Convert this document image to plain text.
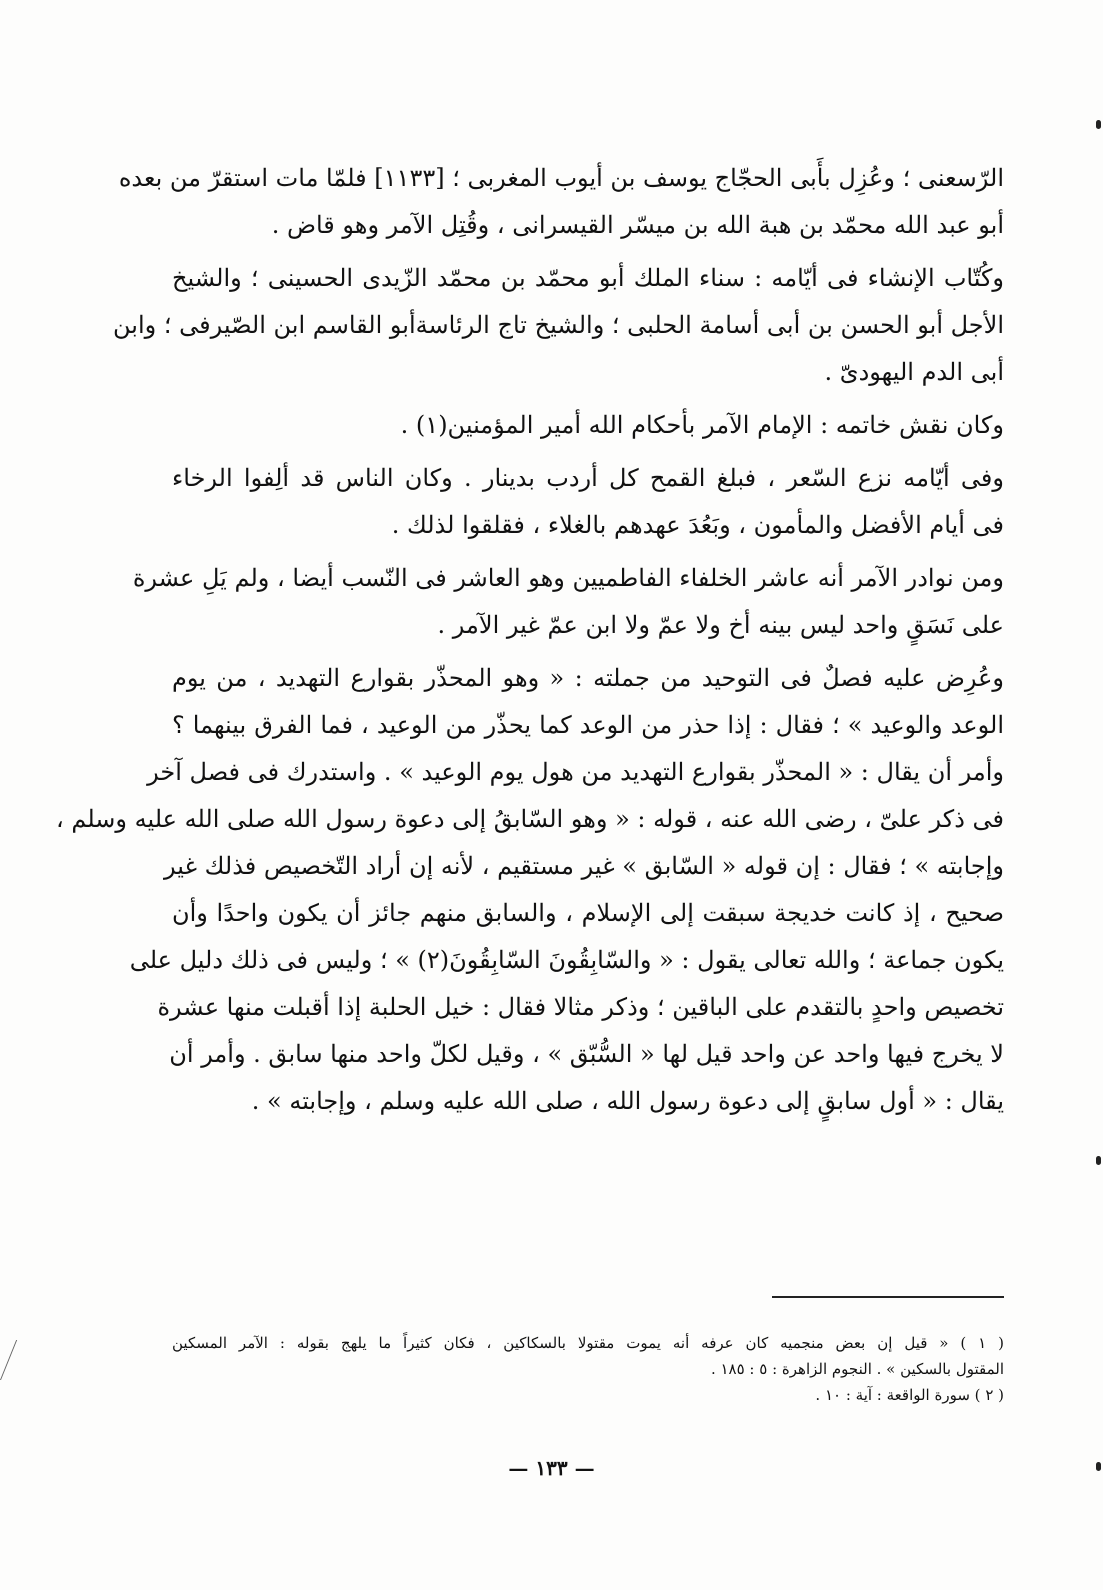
الرّسعنى ؛ وعُزِل بأَبى الحجّاج يوسف بن أيوب المغربى ؛ [١١٣٣] فلمّا مات استقرّ من بعده
أبو عبد الله محمّد بن هبة الله بن ميسّر القيسرانى ، وقُتِل الآمر وهو قاض .

وكُتّاب الإنشاء فى أيّامه : سناء الملك أبو محمّد بن محمّد الزّيدى الحسينى ؛ والشيخ
الأجل أبو الحسن بن أبى أسامة الحلبى ؛ والشيخ تاج الرئاسةأبو القاسم ابن الصّيرفى ؛ وابن
أبى الدم اليهودىّ .

وكان نقش خاتمه : الإمام الآمر بأحكام الله أمير المؤمنين(١) .

وفى أيّامه نزع السّعر ، فبلغ القمح كل أردب بدينار . وكان الناس قد ألِفوا الرخاء
فى أيام الأفضل والمأمون ، وبَعُدَ عهدهم بالغلاء ، فقلقوا لذلك .

ومن نوادر الآمر أنه عاشر الخلفاء الفاطميين وهو العاشر فى النّسب أيضا ، ولم يَلِ عشرة
على نَسَقٍ واحد ليس بينه أخ ولا عمّ ولا ابن عمّ غير الآمر .

وعُرِض عليه فصلٌ فى التوحيد من جملته : « وهو المحذّر بقوارع التهديد ، من يوم
الوعد والوعيد » ؛ فقال : إذا حذر من الوعد كما يحذّر من الوعيد ، فما الفرق بينهما ؟
وأمر أن يقال : « المحذّر بقوارع التهديد من هول يوم الوعيد » . واستدرك فى فصل آخر
فى ذكر علىّ ، رضى الله عنه ، قوله : « وهو السّابقُ إلى دعوة رسول الله صلى الله عليه وسلم ،
وإجابته » ؛ فقال : إن قوله « السّابق » غير مستقيم ، لأنه إن أراد التّخصيص فذلك غير
صحيح ، إذ كانت خديجة سبقت إلى الإسلام ، والسابق منهم جائز أن يكون واحدًا وأن
يكون جماعة ؛ والله تعالى يقول : « والسّابِقُونَ السّابِقُونَ(٢) » ؛ وليس فى ذلك دليل على
تخصيص واحدٍ بالتقدم على الباقين ؛ وذكر مثالا فقال : خيل الحلبة إذا أقبلت منها عشرة
لا يخرج فيها واحد عن واحد قيل لها « السُّبّق » ، وقيل لكلّ واحد منها سابق . وأمر أن
يقال : « أول سابقٍ إلى دعوة رسول الله ، صلى الله عليه وسلم ، وإجابته » .

( ١ ) « قيل إن بعض منجميه كان عرفه أنه يموت مقتولا بالسكاكين ، فكان كثيراً ما يلهج بقوله : الآمر المسكين
المقتول بالسكين » . النجوم الزاهرة : ٥ : ١٨٥ .

( ٢ ) سورة الواقعة : آية : ١٠ .

— ١٣٣ —
